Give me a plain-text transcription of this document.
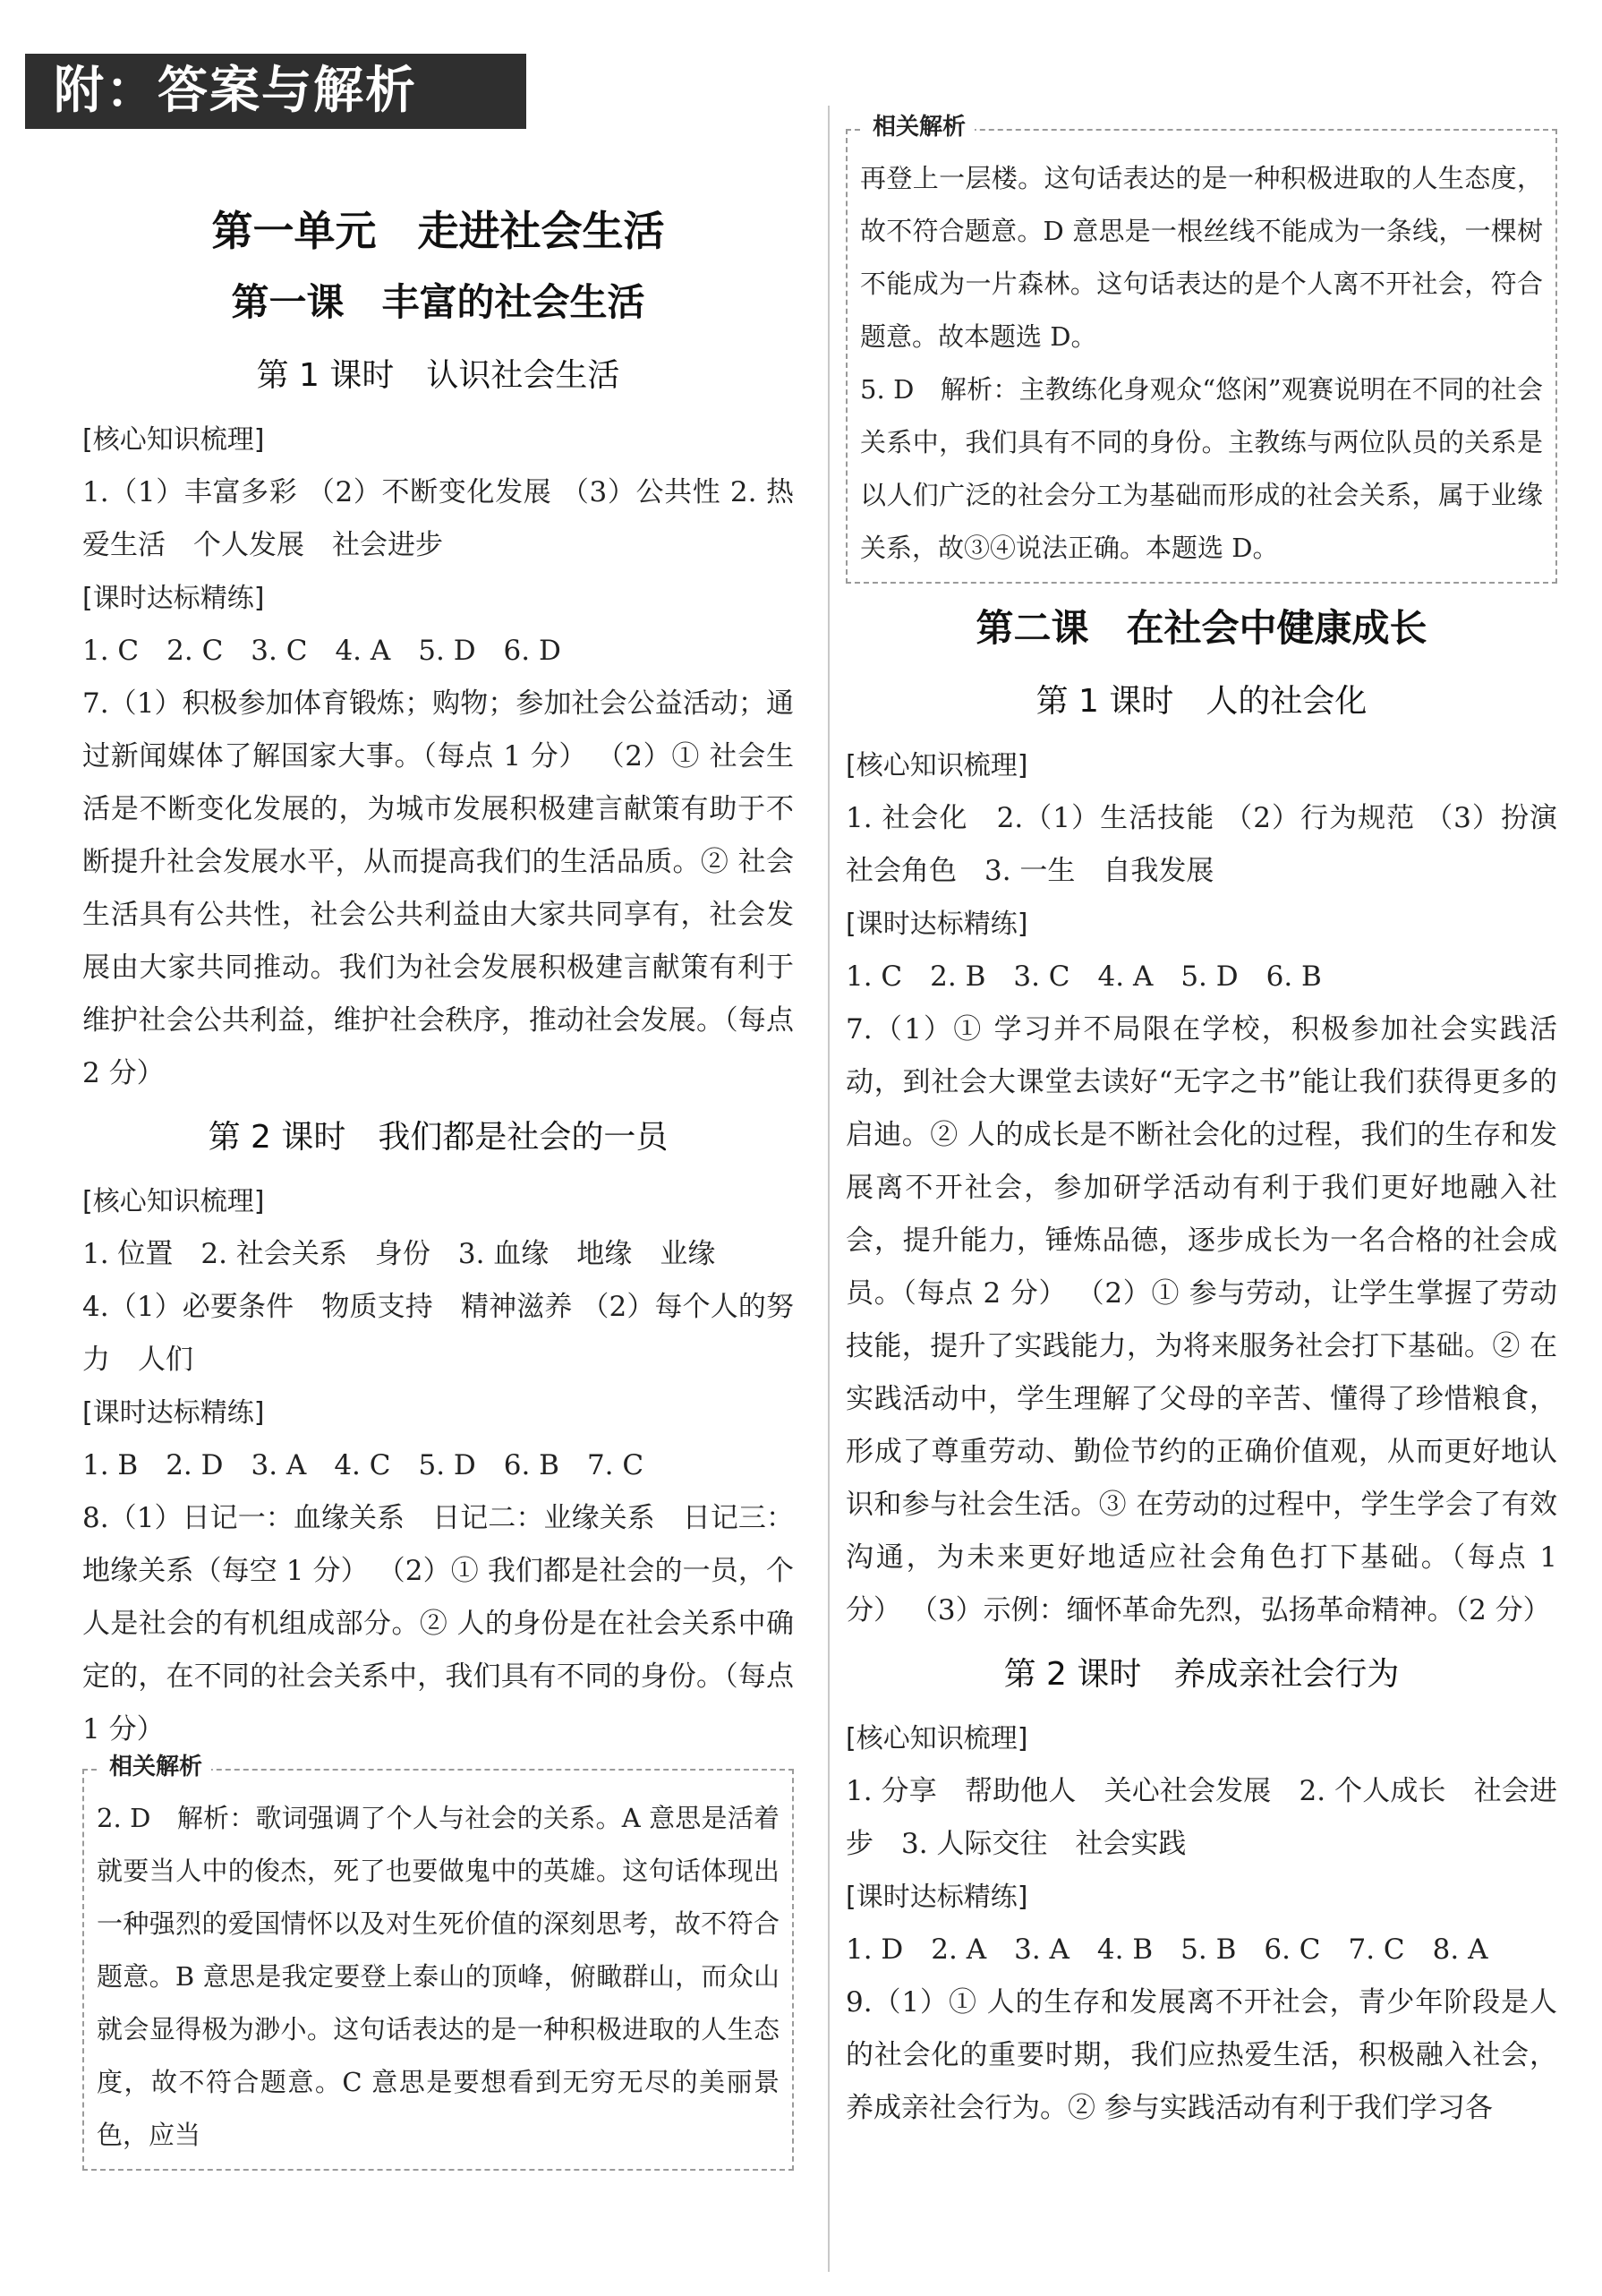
附：答案与解析
第一单元　走进社会生活
第一课　丰富的社会生活
第 1 课时　认识社会生活
[核心知识梳理]

1.（1）丰富多彩 （2）不断变化发展 （3）公共性 2. 热爱生活　个人发展　社会进步

[课时达标精练]

1. C　2. C　3. C　4. A　5. D　6. D

7.（1）积极参加体育锻炼；购物；参加社会公益活动；通过新闻媒体了解国家大事。（每点 1 分） （2）① 社会生活是不断变化发展的，为城市发展积极建言献策有助于不断提升社会发展水平，从而提高我们的生活品质。② 社会生活具有公共性，社会公共利益由大家共同享有，社会发展由大家共同推动。我们为社会发展积极建言献策有利于维护社会公共利益，维护社会秩序，推动社会发展。（每点 2 分）

第 2 课时　我们都是社会的一员
[核心知识梳理]

1. 位置　2. 社会关系　身份　3. 血缘　地缘　业缘

4.（1）必要条件　物质支持　精神滋养 （2）每个人的努力　人们

[课时达标精练]

1. B　2. D　3. A　4. C　5. D　6. B　7. C

8.（1）日记一：血缘关系　日记二：业缘关系　日记三：地缘关系（每空 1 分） （2）① 我们都是社会的一员，个人是社会的有机组成部分。② 人的身份是在社会关系中确定的，在不同的社会关系中，我们具有不同的身份。（每点 1 分）

相关解析

2. D　解析：歌词强调了个人与社会的关系。A 意思是活着就要当人中的俊杰，死了也要做鬼中的英雄。这句话体现出一种强烈的爱国情怀以及对生死价值的深刻思考，故不符合题意。B 意思是我定要登上泰山的顶峰，俯瞰群山，而众山就会显得极为渺小。这句话表达的是一种积极进取的人生态度，故不符合题意。C 意思是要想看到无穷无尽的美丽景色，应当

相关解析

再登上一层楼。这句话表达的是一种积极进取的人生态度，故不符合题意。D 意思是一根丝线不能成为一条线，一棵树不能成为一片森林。这句话表达的是个人离不开社会，符合题意。故本题选 D。

5. D　解析：主教练化身观众“悠闲”观赛说明在不同的社会关系中，我们具有不同的身份。主教练与两位队员的关系是以人们广泛的社会分工为基础而形成的社会关系，属于业缘关系，故③④说法正确。本题选 D。

第二课　在社会中健康成长
第 1 课时　人的社会化
[核心知识梳理]

1. 社会化　2.（1）生活技能 （2）行为规范 （3）扮演社会角色　3. 一生　自我发展

[课时达标精练]

1. C　2. B　3. C　4. A　5. D　6. B

7.（1）① 学习并不局限在学校，积极参加社会实践活动，到社会大课堂去读好“无字之书”能让我们获得更多的启迪。② 人的成长是不断社会化的过程，我们的生存和发展离不开社会，参加研学活动有利于我们更好地融入社会，提升能力，锤炼品德，逐步成长为一名合格的社会成员。（每点 2 分） （2）① 参与劳动，让学生掌握了劳动技能，提升了实践能力，为将来服务社会打下基础。② 在实践活动中，学生理解了父母的辛苦、懂得了珍惜粮食，形成了尊重劳动、勤俭节约的正确价值观，从而更好地认识和参与社会生活。③ 在劳动的过程中，学生学会了有效沟通，为未来更好地适应社会角色打下基础。（每点 1 分） （3）示例：缅怀革命先烈，弘扬革命精神。（2 分）

第 2 课时　养成亲社会行为
[核心知识梳理]

1. 分享　帮助他人　关心社会发展　2. 个人成长　社会进步　3. 人际交往　社会实践

[课时达标精练]

1. D　2. A　3. A　4. B　5. B　6. C　7. C　8. A

9.（1）① 人的生存和发展离不开社会，青少年阶段是人的社会化的重要时期，我们应热爱生活，积极融入社会，养成亲社会行为。② 参与实践活动有利于我们学习各
